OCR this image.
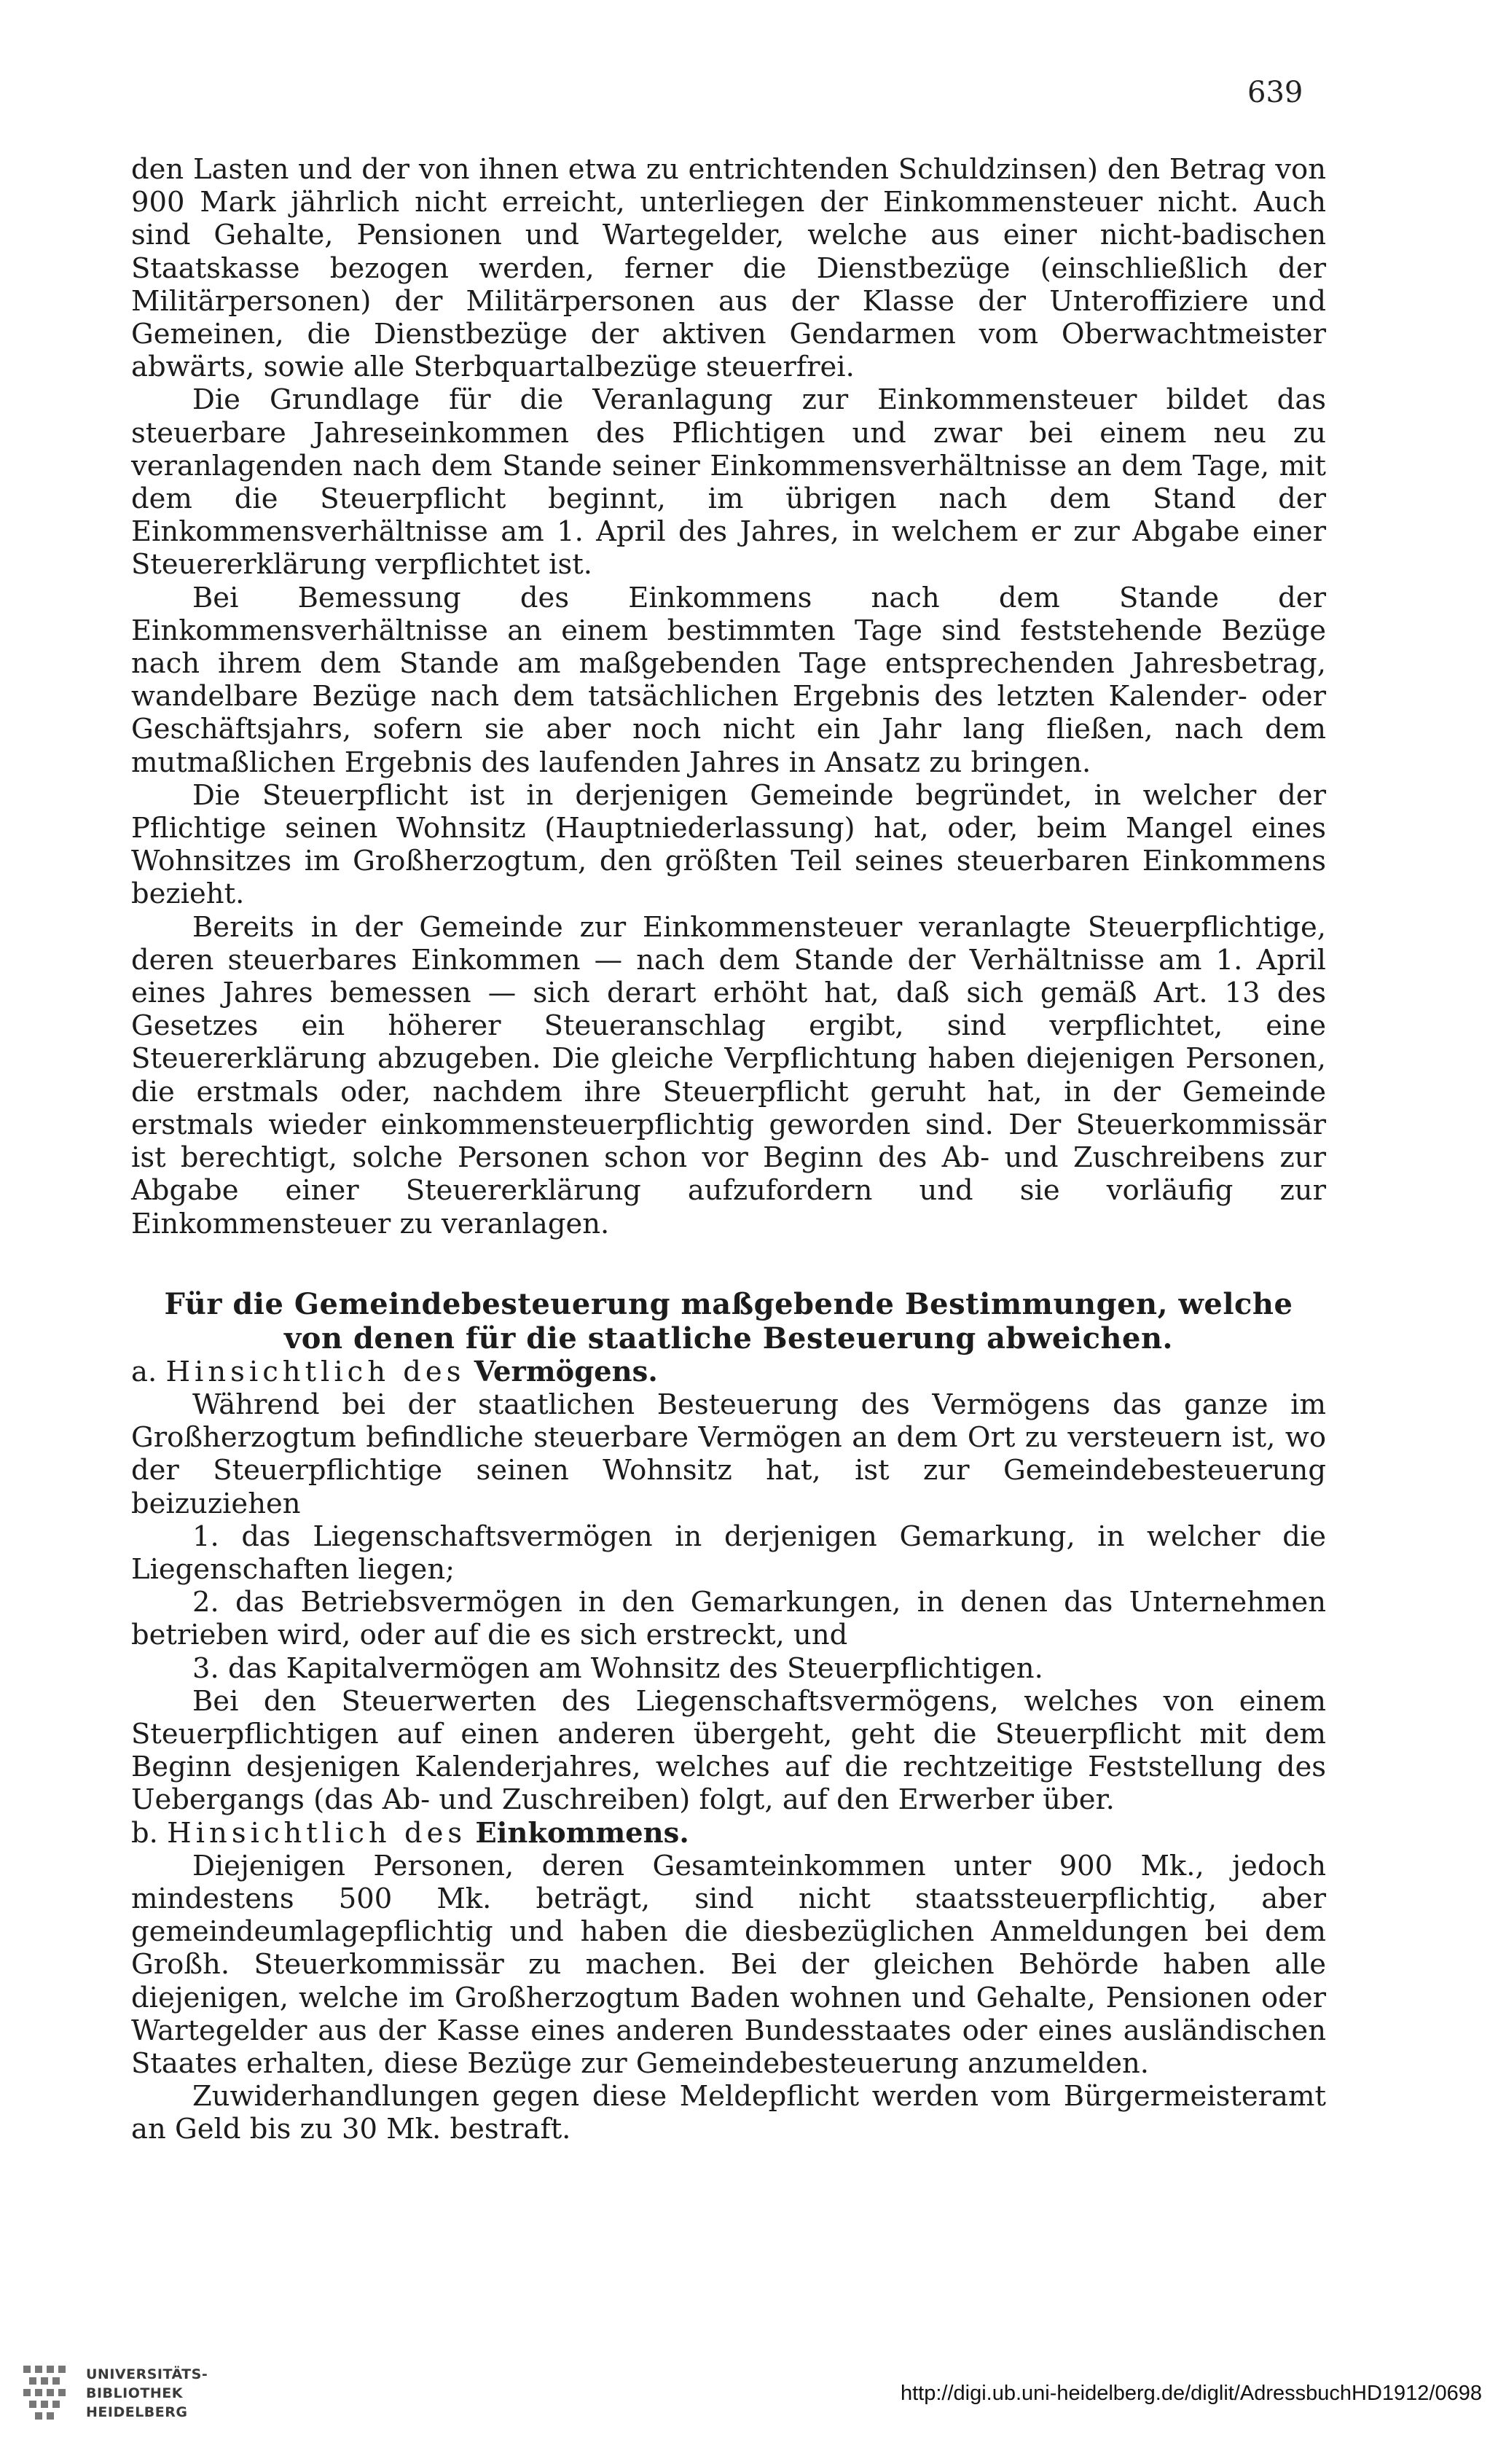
639

den Lasten und der von ihnen etwa zu entrichtenden Schuldzinsen) den Betrag von 900 Mark jährlich nicht erreicht, unterliegen der Einkommensteuer nicht. Auch sind Gehalte, Pensionen und Wartegelder, welche aus einer nicht-badischen Staatskasse bezogen werden, ferner die Dienstbezüge (einschließlich der Militärpersonen) der Militärpersonen aus der Klasse der Unteroffiziere und Gemeinen, die Dienstbezüge der aktiven Gendarmen vom Oberwachtmeister abwärts, sowie alle Sterbquartalbezüge steuerfrei.

Die Grundlage für die Veranlagung zur Einkommensteuer bildet das steuerbare Jahreseinkommen des Pflichtigen und zwar bei einem neu zu veranlagenden nach dem Stande seiner Einkommensverhältnisse an dem Tage, mit dem die Steuerpflicht beginnt, im übrigen nach dem Stand der Einkommensverhältnisse am 1. April des Jahres, in welchem er zur Abgabe einer Steuererklärung verpflichtet ist.

Bei Bemessung des Einkommens nach dem Stande der Einkommensverhältnisse an einem bestimmten Tage sind feststehende Bezüge nach ihrem dem Stande am maßgebenden Tage entsprechenden Jahresbetrag, wandelbare Bezüge nach dem tatsächlichen Ergebnis des letzten Kalender- oder Geschäftsjahrs, sofern sie aber noch nicht ein Jahr lang fließen, nach dem mutmaßlichen Ergebnis des laufenden Jahres in Ansatz zu bringen.

Die Steuerpflicht ist in derjenigen Gemeinde begründet, in welcher der Pflichtige seinen Wohnsitz (Hauptniederlassung) hat, oder, beim Mangel eines Wohnsitzes im Großherzogtum, den größten Teil seines steuerbaren Einkommens bezieht.

Bereits in der Gemeinde zur Einkommensteuer veranlagte Steuerpflichtige, deren steuerbares Einkommen — nach dem Stande der Verhältnisse am 1. April eines Jahres bemessen — sich derart erhöht hat, daß sich gemäß Art. 13 des Gesetzes ein höherer Steueranschlag ergibt, sind verpflichtet, eine Steuererklärung abzugeben. Die gleiche Verpflichtung haben diejenigen Personen, die erstmals oder, nachdem ihre Steuerpflicht geruht hat, in der Gemeinde erstmals wieder einkommensteuerpflichtig geworden sind. Der Steuerkommissär ist berechtigt, solche Personen schon vor Beginn des Ab- und Zuschreibens zur Abgabe einer Steuererklärung aufzufordern und sie vorläufig zur Einkommensteuer zu veranlagen.

Für die Gemeindebesteuerung maßgebende Bestimmungen, welche von denen für die staatliche Besteuerung abweichen.

a. Hinsichtlich des Vermögens.

Während bei der staatlichen Besteuerung des Vermögens das ganze im Großherzogtum befindliche steuerbare Vermögen an dem Ort zu versteuern ist, wo der Steuerpflichtige seinen Wohnsitz hat, ist zur Gemeindebesteuerung beizuziehen

1. das Liegenschaftsvermögen in derjenigen Gemarkung, in welcher die Liegenschaften liegen;

2. das Betriebsvermögen in den Gemarkungen, in denen das Unternehmen betrieben wird, oder auf die es sich erstreckt, und

3. das Kapitalvermögen am Wohnsitz des Steuerpflichtigen.

Bei den Steuerwerten des Liegenschaftsvermögens, welches von einem Steuerpflichtigen auf einen anderen übergeht, geht die Steuerpflicht mit dem Beginn desjenigen Kalenderjahres, welches auf die rechtzeitige Feststellung des Uebergangs (das Ab- und Zuschreiben) folgt, auf den Erwerber über.

b. Hinsichtlich des Einkommens.

Diejenigen Personen, deren Gesamteinkommen unter 900 Mk., jedoch mindestens 500 Mk. beträgt, sind nicht staatssteuerpflichtig, aber gemeindeumlagepflichtig und haben die diesbezüglichen Anmeldungen bei dem Großh. Steuerkommissär zu machen. Bei der gleichen Behörde haben alle diejenigen, welche im Großherzogtum Baden wohnen und Gehalte, Pensionen oder Wartegelder aus der Kasse eines anderen Bundesstaates oder eines ausländischen Staates erhalten, diese Bezüge zur Gemeindebesteuerung anzumelden.

Zuwiderhandlungen gegen diese Meldepflicht werden vom Bürgermeisteramt an Geld bis zu 30 Mk. bestraft.

UNIVERSITÄTS-
BIBLIOTHEK
HEIDELBERG
http://digi.ub.uni-heidelberg.de/diglit/AdressbuchHD1912/0698
